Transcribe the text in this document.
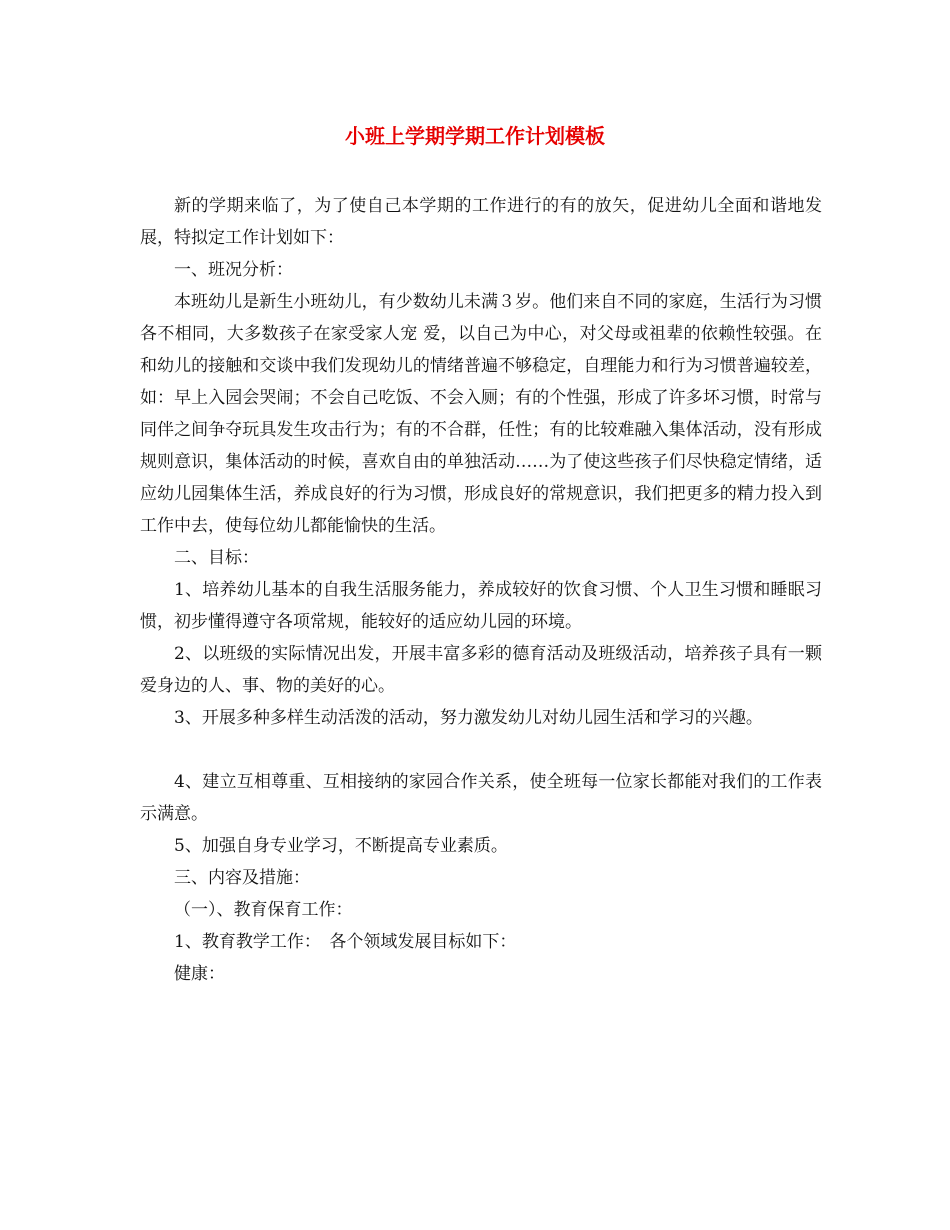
小班上学期学期工作计划模板

新的学期来临了，为了使自己本学期的工作进行的有的放矢，促进幼儿全面和谐地发展，特拟定工作计划如下：

一、班况分析：

本班幼儿是新生小班幼儿，有少数幼儿未满３岁。他们来自不同的家庭，生活行为习惯各不相同，大多数孩子在家受家人宠 爱，以自己为中心，对父母或祖辈的依赖性较强。在和幼儿的接触和交谈中我们发现幼儿的情绪普遍不够稳定，自理能力和行为习惯普遍较差，如：早上入园会哭闹；不会自己吃饭、不会入厕；有的个性强，形成了许多坏习惯，时常与同伴之间争夺玩具发生攻击行为；有的不合群，任性；有的比较难融入集体活动，没有形成规则意识，集体活动的时候，喜欢自由的单独活动……为了使这些孩子们尽快稳定情绪，适应幼儿园集体生活，养成良好的行为习惯，形成良好的常规意识，我们把更多的精力投入到工作中去，使每位幼儿都能愉快的生活。

二、目标：

1、培养幼儿基本的自我生活服务能力，养成较好的饮食习惯、个人卫生习惯和睡眠习惯，初步懂得遵守各项常规，能较好的适应幼儿园的环境。

2、以班级的实际情况出发，开展丰富多彩的德育活动及班级活动，培养孩子具有一颗爱身边的人、事、物的美好的心。

3、开展多种多样生动活泼的活动，努力激发幼儿对幼儿园生活和学习的兴趣。

4、建立互相尊重、互相接纳的家园合作关系，使全班每一位家长都能对我们的工作表示满意。

5、加强自身专业学习，不断提高专业素质。

三、内容及措施：

（一）、教育保育工作：

1、教育教学工作：　各个领域发展目标如下：

健康：
